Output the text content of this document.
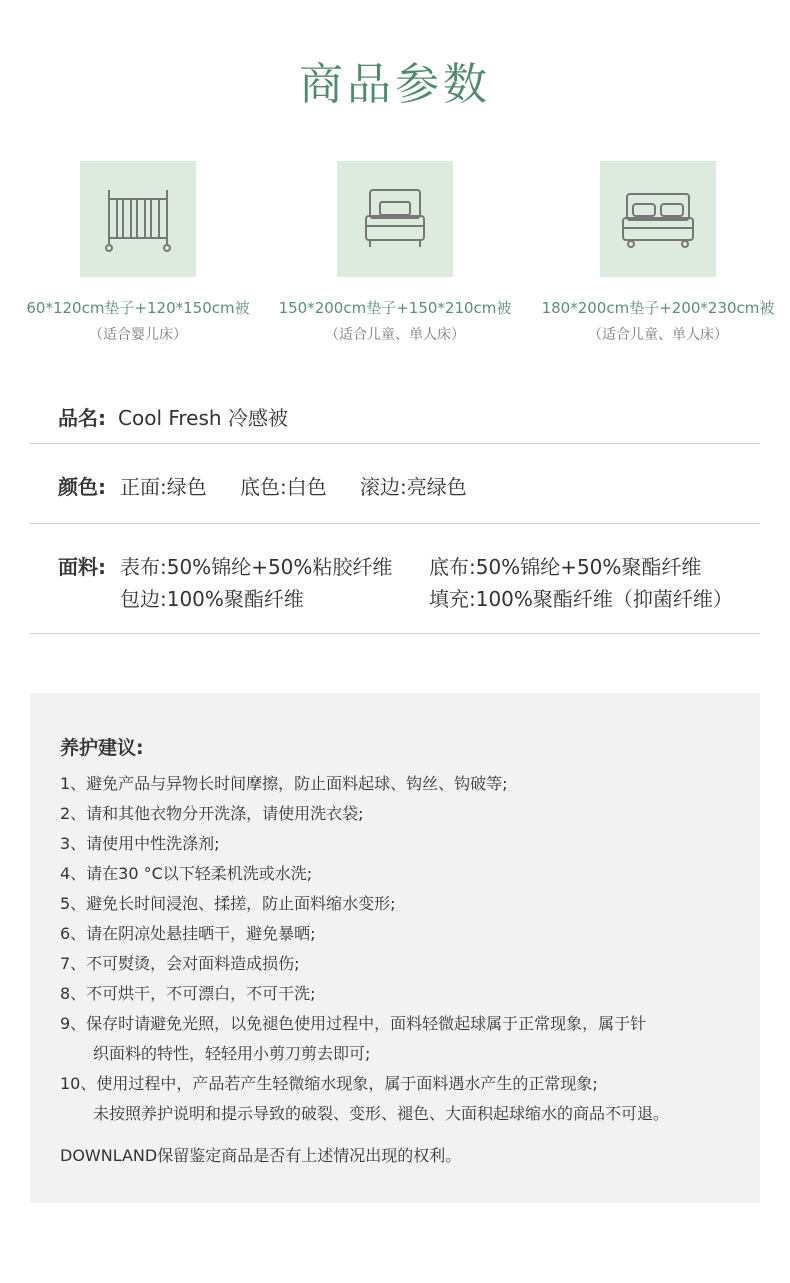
商品参数
60*120cm垫子+120*150cm被
（适合婴儿床）
150*200cm垫子+150*210cm被
（适合儿童、单人床）
180*200cm垫子+200*230cm被
（适合儿童、单人床）
品名: Cool Fresh 冷感被
颜色: 正面:绿色 底色:白色 滚边:亮绿色
面料: 表布:50%锦纶+50%粘胶纤维 底布:50%锦纶+50%聚酯纤维
包边:100%聚酯纤维	填充:100%聚酯纤维（抑菌纤维）
养护建议:
1、避免产品与异物长时间摩擦，防止面料起球、钩丝、钩破等;
2、请和其他衣物分开洗涤，请使用洗衣袋;
3、请使用中性洗涤剂;
4、请在30 °C以下轻柔机洗或水洗;
5、避免长时间浸泡、揉搓，防止面料缩水变形;
6、请在阴凉处悬挂晒干，避免暴晒;
7、不可熨烫，会对面料造成损伤;
8、不可烘干，不可漂白，不可干洗;
9、保存时请避免光照，以免褪色使用过程中，面料轻微起球属于正常现象，属于针
织面料的特性，轻轻用小剪刀剪去即可;
10、使用过程中，产品若产生轻微缩水现象，属于面料遇水产生的正常现象;
未按照养护说明和提示导致的破裂、变形、褪色、大面积起球缩水的商品不可退。
DOWNLAND保留鉴定商品是否有上述情况出现的权利。
